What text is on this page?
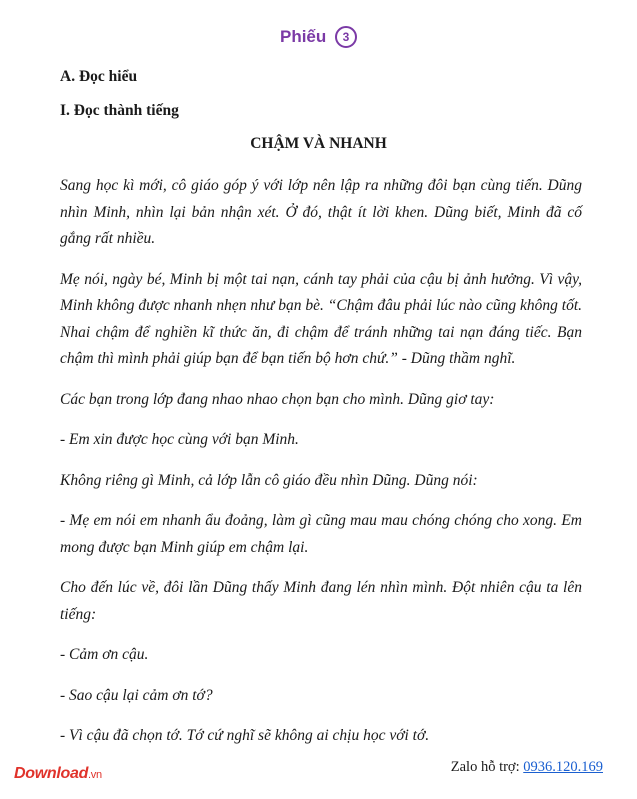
Phiếu 3
A. Đọc hiểu
I. Đọc thành tiếng
CHẬM VÀ NHANH

Sang học kì mới, cô giáo góp ý với lớp nên lập ra những đôi bạn cùng tiến. Dũng nhìn Minh, nhìn lại bản nhận xét. Ở đó, thật ít lời khen. Dũng biết, Minh đã cố gắng rất nhiều.

Mẹ nói, ngày bé, Minh bị một tai nạn, cánh tay phải của cậu bị ảnh hưởng. Vì vậy, Minh không được nhanh nhẹn như bạn bè. “Chậm đâu phải lúc nào cũng không tốt. Nhai chậm để nghiền kĩ thức ăn, đi chậm để tránh những tai nạn đáng tiếc. Bạn chậm thì mình phải giúp bạn để bạn tiến bộ hơn chứ.” - Dũng thầm nghĩ.

Các bạn trong lớp đang nhao nhao chọn bạn cho mình. Dũng giơ tay:

- Em xin được học cùng với bạn Minh.

Không riêng gì Minh, cả lớp lẫn cô giáo đều nhìn Dũng. Dũng nói:

- Mẹ em nói em nhanh ẩu đoảng, làm gì cũng mau mau chóng chóng cho xong. Em mong được bạn Minh giúp em chậm lại.

Cho đến lúc về, đôi lần Dũng thấy Minh đang lén nhìn mình. Đột nhiên cậu ta lên tiếng:

- Cảm ơn cậu.

- Sao cậu lại cảm ơn tớ?

- Vì cậu đã chọn tớ. Tớ cứ nghĩ sẽ không ai chịu học với tớ.

Download.vn	Zalo hỗ trợ: 0936.120.169
